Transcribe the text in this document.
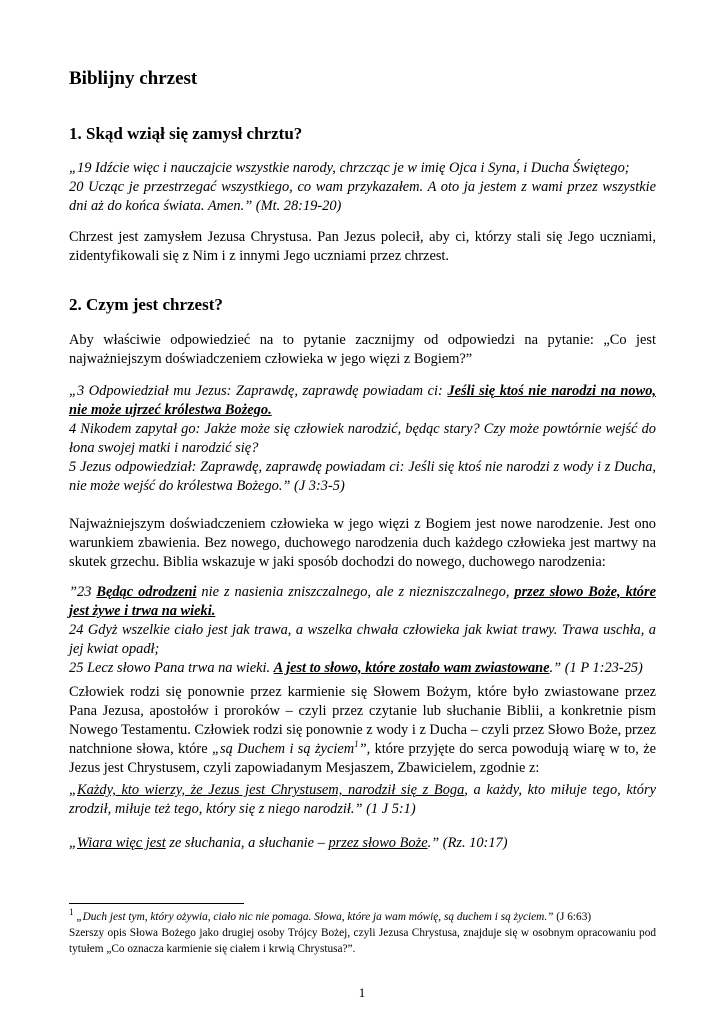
Biblijny chrzest
1. Skąd wziął się zamysł chrztu?

„19 Idźcie więc i nauczajcie wszystkie narody, chrzcząc je w imię Ojca i Syna, i Ducha Świętego;

20 Ucząc je przestrzegać wszystkiego, co wam przykazałem. A oto ja jestem z wami przez wszystkie dni aż do końca świata. Amen.” (Mt. 28:19-20)

Chrzest jest zamysłem Jezusa Chrystusa. Pan Jezus polecił, aby ci, którzy stali się Jego uczniami, zidentyfikowali się z Nim i z innymi Jego uczniami przez chrzest.

2. Czym jest chrzest?

Aby właściwie odpowiedzieć na to pytanie zacznijmy od odpowiedzi na pytanie: „Co jest najważniejszym doświadczeniem człowieka w jego więzi z Bogiem?”

„3 Odpowiedział mu Jezus: Zaprawdę, zaprawdę powiadam ci: Jeśli się ktoś nie narodzi na nowo, nie może ujrzeć królestwa Bożego.

4 Nikodem zapytał go: Jakże może się człowiek narodzić, będąc stary? Czy może powtórnie wejść do łona swojej matki i narodzić się?

5 Jezus odpowiedział: Zaprawdę, zaprawdę powiadam ci: Jeśli się ktoś nie narodzi z wody i z Ducha, nie może wejść do królestwa Bożego.” (J 3:3-5)

Najważniejszym doświadczeniem człowieka w jego więzi z Bogiem jest nowe narodzenie. Jest ono warunkiem zbawienia. Bez nowego, duchowego narodzenia duch każdego człowieka jest martwy na skutek grzechu. Biblia wskazuje w jaki sposób dochodzi do nowego, duchowego narodzenia:

”23 Będąc odrodzeni nie z nasienia zniszczalnego, ale z niezniszczalnego, przez słowo Boże, które jest żywe i trwa na wieki.

24 Gdyż wszelkie ciało jest jak trawa, a wszelka chwała człowieka jak kwiat trawy. Trawa uschła, a jej kwiat opadł;

25 Lecz słowo Pana trwa na wieki. A jest to słowo, które zostało wam zwiastowane.” (1 P 1:23-25)

Człowiek rodzi się ponownie przez karmienie się Słowem Bożym, które było zwiastowane przez Pana Jezusa, apostołów i proroków – czyli przez czytanie lub słuchanie Biblii, a konkretnie pism Nowego Testamentu. Człowiek rodzi się ponownie z wody i z Ducha – czyli przez Słowo Boże, przez natchnione słowa, które „są Duchem i są życiem$^1$”, które przyjęte do serca powodują wiarę w to, że Jezus jest Chrystusem, czyli zapowiadanym Mesjaszem, Zbawicielem, zgodnie z:

„Każdy, kto wierzy, że Jezus jest Chrystusem, narodził się z Boga, a każdy, kto miłuje tego, który zrodził, miłuje też tego, który się z niego narodził.” (1 J 5:1)

„Wiara więc jest ze słuchania, a słuchanie – przez słowo Boże.” (Rz. 10:17)

$^1$ „Duch jest tym, który ożywia, ciało nic nie pomaga. Słowa, które ja wam mówię, są duchem i są życiem.” (J 6:63)
Szerszy opis Słowa Bożego jako drugiej osoby Trójcy Bożej, czyli Jezusa Chrystusa, znajduje się w osobnym opracowaniu pod tytułem „Co oznacza karmienie się ciałem i krwią Chrystusa?”.
1
